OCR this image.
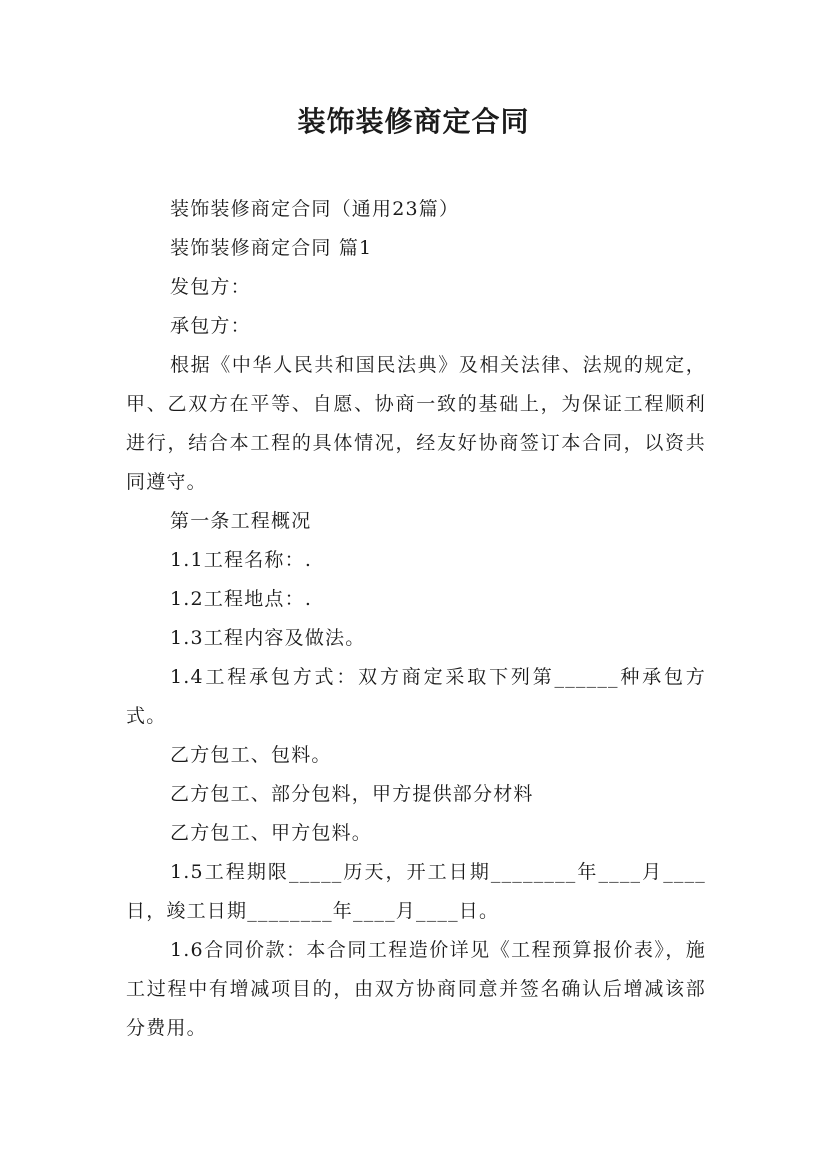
装饰装修商定合同

装饰装修商定合同（通用23篇）

装饰装修商定合同 篇1

发包方：

承包方：

根据《中华人民共和国民法典》及相关法律、法规的规定，甲、乙双方在平等、自愿、协商一致的基础上，为保证工程顺利进行，结合本工程的具体情况，经友好协商签订本合同，以资共同遵守。

第一条工程概况

1.1工程名称：.

1.2工程地点：.

1.3工程内容及做法。

1.4工程承包方式：双方商定采取下列第______种承包方式。

乙方包工、包料。

乙方包工、部分包料，甲方提供部分材料

乙方包工、甲方包料。

1.5工程期限_____历天，开工日期________年____月____日，竣工日期________年____月____日。

1.6合同价款：本合同工程造价详见《工程预算报价表》，施工过程中有增减项目的，由双方协商同意并签名确认后增减该部分费用。
